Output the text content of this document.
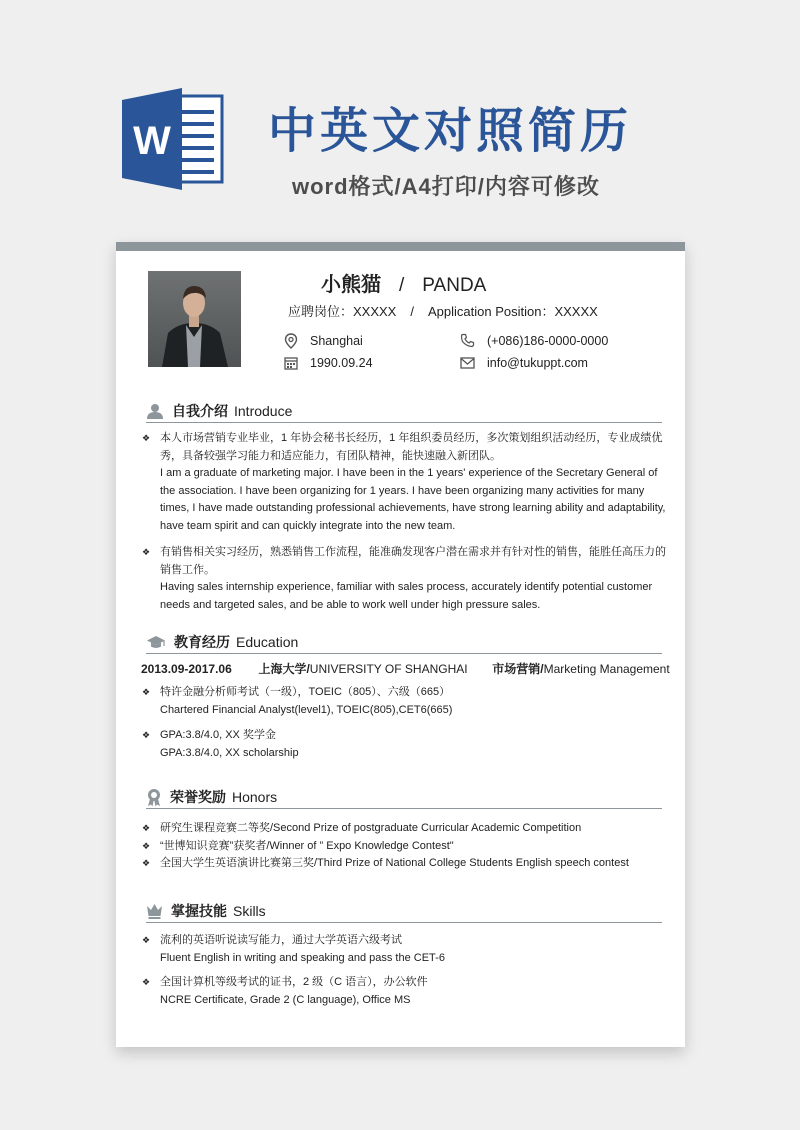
W 中英文对照简历
word格式/A4打印/内容可修改
小熊猫 / PANDA
应聘岗位：XXXXX / Application Position：XXXXX
Shanghai
1990.09.24
(+086)186-0000-0000
info@tukuppt.com
自我介绍 Introduce
❖ 本人市场营销专业毕业，1 年协会秘书长经历，1 年组织委员经历，多次策划组织活动经历，专业成绩优秀，具备较强学习能力和适应能力，有团队精神，能快速融入新团队。
I am a graduate of marketing major. I have been in the 1 years' experience of the Secretary General of the association. I have been organizing for 1 years. I have been organizing many activities for many times, I have made outstanding professional achievements, have strong learning ability and adaptability, have team spirit and can quickly integrate into the new team.
❖ 有销售相关实习经历，熟悉销售工作流程，能准确发现客户潜在需求并有针对性的销售，能胜任高压力的销售工作。
Having sales internship experience, familiar with sales process, accurately identify potential customer needs and targeted sales, and be able to work well under high pressure sales.
教育经历 Education
2013.09-2017.06 上海大学/UNIVERSITY OF SHANGHAI 市场营销/Marketing Management
❖ 特许金融分析师考试（一级），TOEIC（805）、六级（665）
Chartered Financial Analyst(level1), TOEIC(805),CET6(665)
❖ GPA:3.8/4.0, XX 奖学金
GPA:3.8/4.0, XX scholarship
荣誉奖励 Honors
❖ 研究生课程竞赛二等奖/Second Prize of postgraduate Curricular Academic Competition
❖ “世博知识竞赛”获奖者/Winner of ” Expo Knowledge Contest"
❖ 全国大学生英语演讲比赛第三奖/Third Prize of National College Students English speech contest
掌握技能 Skills
❖ 流利的英语听说读写能力，通过大学英语六级考试
Fluent English in writing and speaking and pass the CET-6
❖ 全国计算机等级考试的证书，2 级（C 语言），办公软件
NCRE Certificate, Grade 2 (C language), Office MS
